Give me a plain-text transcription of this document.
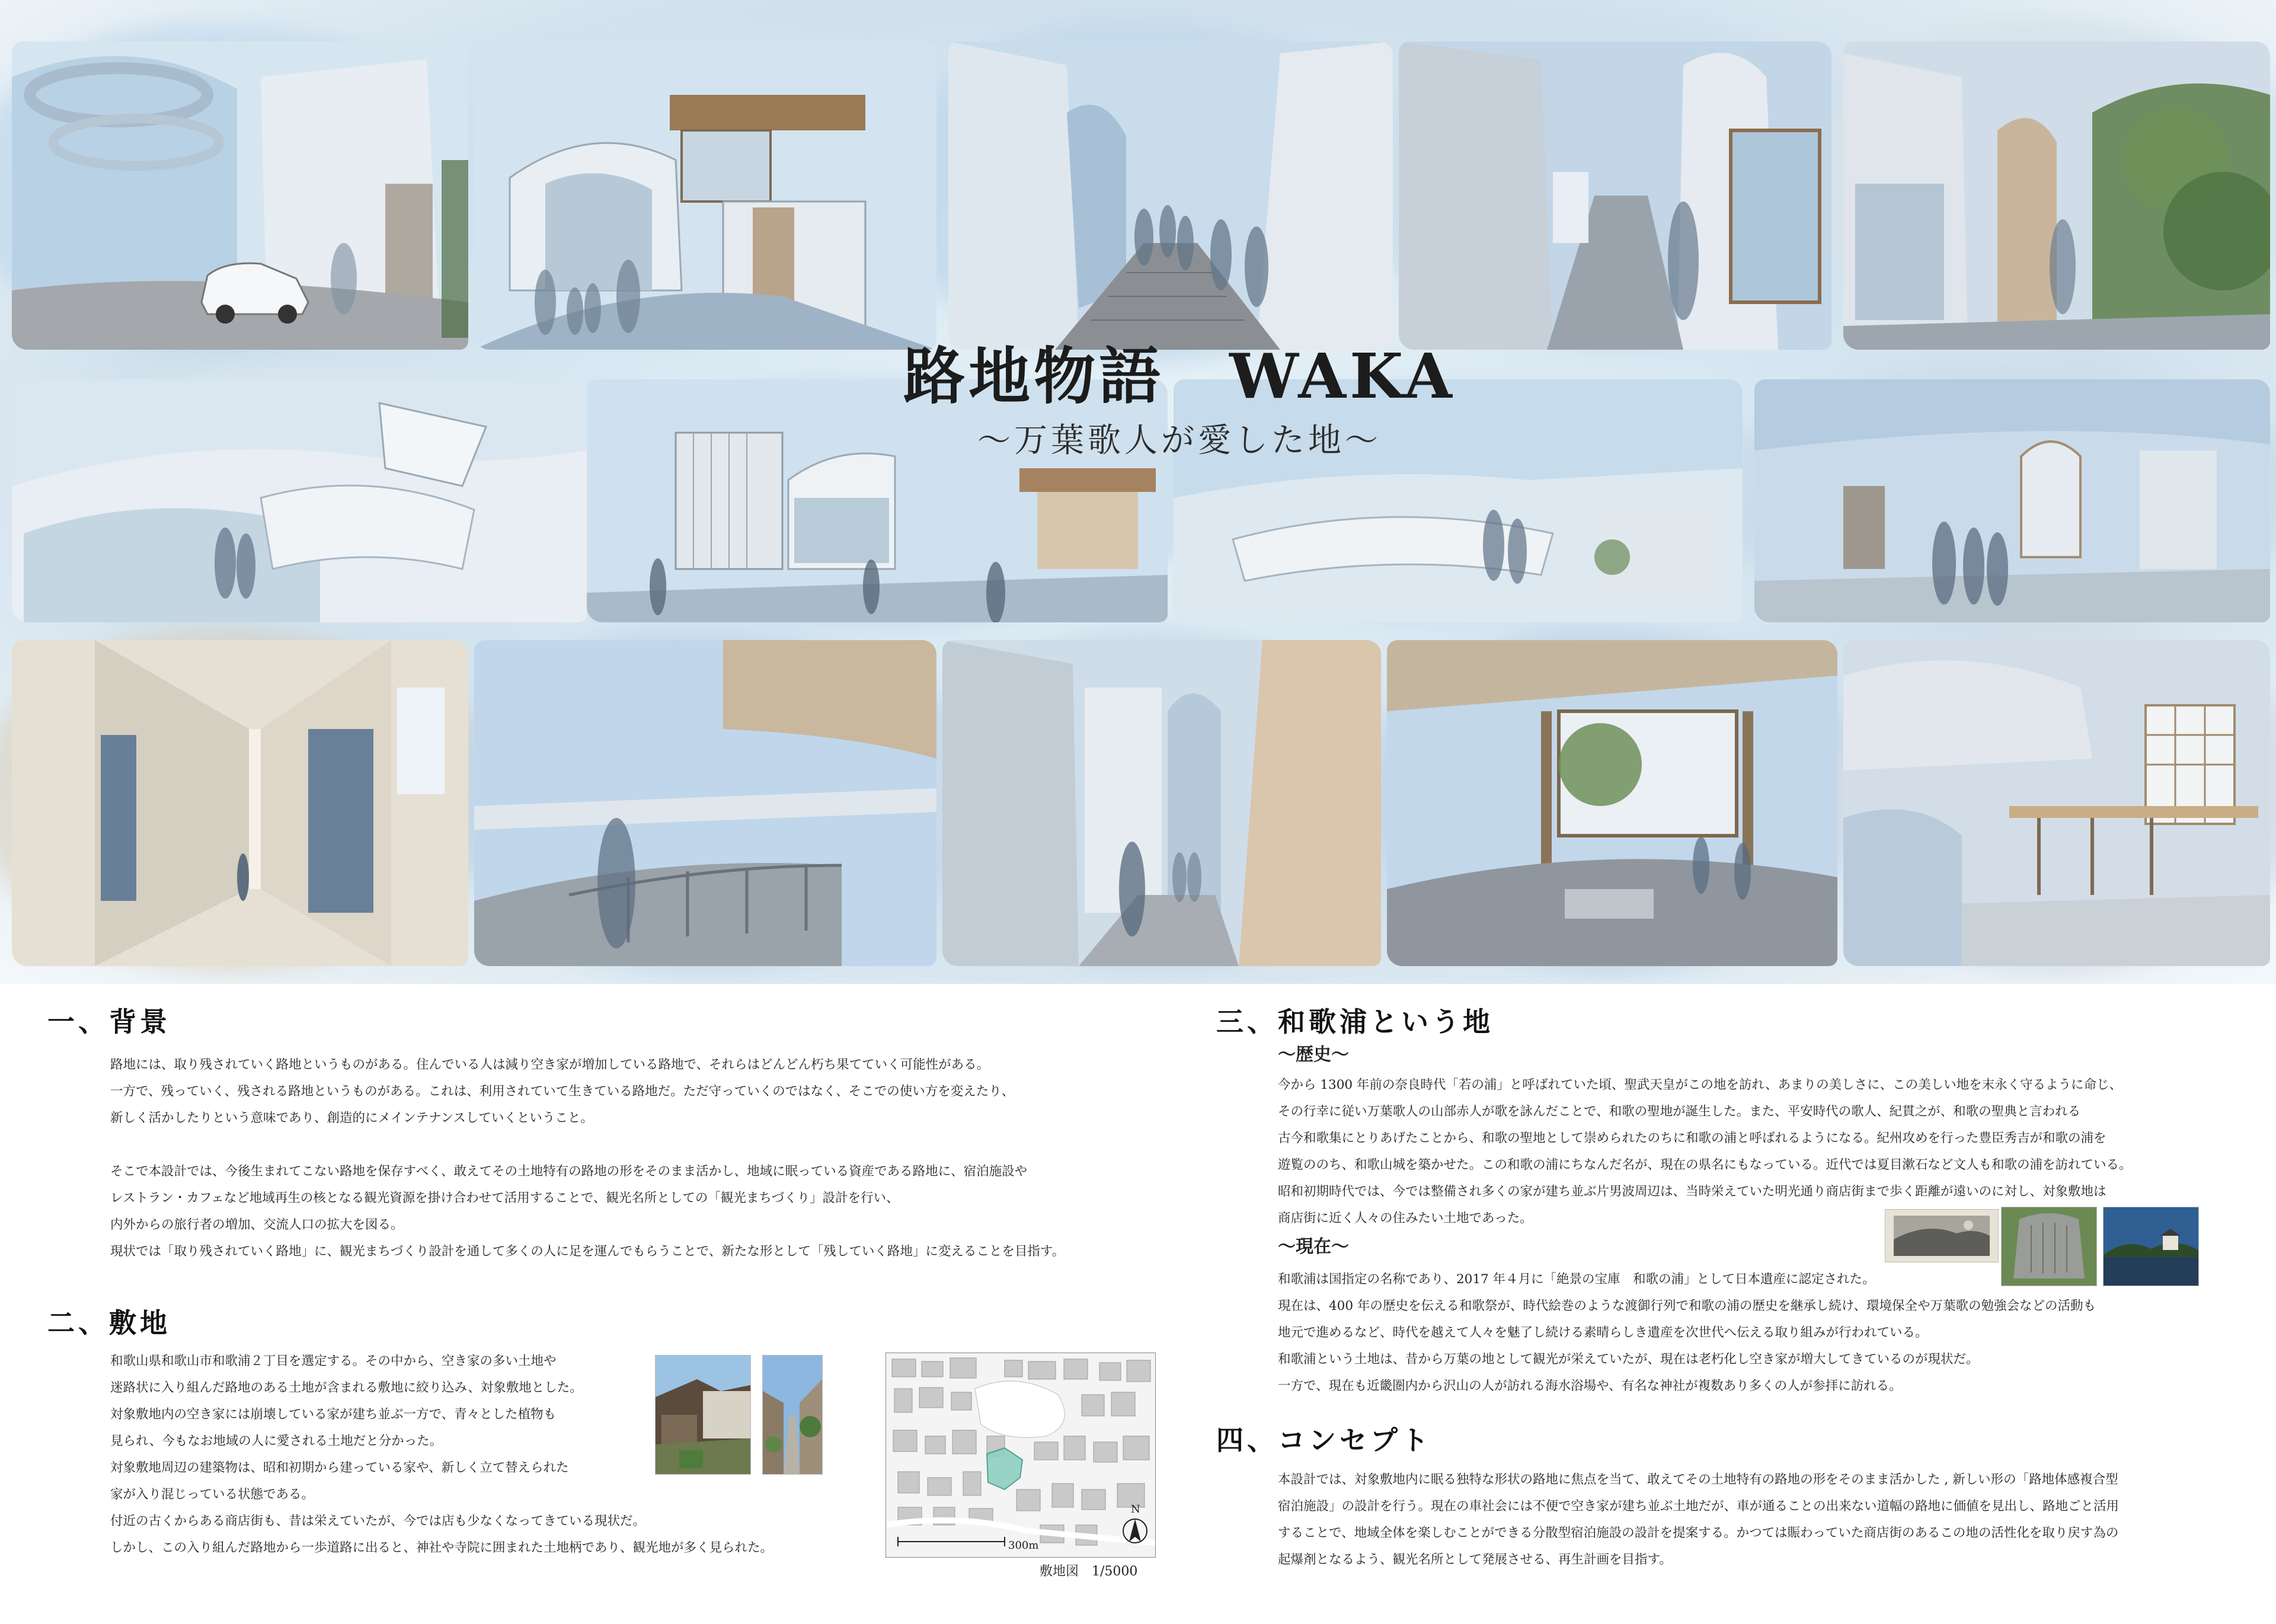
路地物語　WAKA
～万葉歌人が愛した地～
一、背景
路地には、取り残されていく路地というものがある。住んでいる人は減り空き家が増加している路地で、それらはどんどん朽ち果てていく可能性がある。
一方で、残っていく、残される路地というものがある。これは、利用されていて生きている路地だ。ただ守っていくのではなく、そこでの使い方を変えたり、
新しく活かしたりという意味であり、創造的にメインテナンスしていくということ。
そこで本設計では、今後生まれてこない路地を保存すべく、敢えてその土地特有の路地の形をそのまま活かし、地域に眠っている資産である路地に、宿泊施設や
レストラン・カフェなど地域再生の核となる観光資源を掛け合わせて活用することで、観光名所としての「観光まちづくり」設計を行い、
内外からの旅行者の増加、交流人口の拡大を図る。
現状では「取り残されていく路地」に、観光まちづくり設計を通して多くの人に足を運んでもらうことで、新たな形として「残していく路地」に変えることを目指す。
二、敷地
和歌山県和歌山市和歌浦２丁目を選定する。その中から、空き家の多い土地や
迷路状に入り組んだ路地のある土地が含まれる敷地に絞り込み、対象敷地とした。
対象敷地内の空き家には崩壊している家が建ち並ぶ一方で、青々とした植物も
見られ、今もなお地域の人に愛される土地だと分かった。
対象敷地周辺の建築物は、昭和初期から建っている家や、新しく立て替えられた
家が入り混じっている状態である。
付近の古くからある商店街も、昔は栄えていたが、今では店も少なくなってきている現状だ。
しかし、この入り組んだ路地から一歩道路に出ると、神社や寺院に囲まれた土地柄であり、観光地が多く見られた。	300m
N
敷地図　1/5000
三、和歌浦という地
～歴史～
今から 1300 年前の奈良時代「若の浦」と呼ばれていた頃、聖武天皇がこの地を訪れ、あまりの美しさに、この美しい地を末永く守るように命じ、
その行幸に従い万葉歌人の山部赤人が歌を詠んだことで、和歌の聖地が誕生した。また、平安時代の歌人、紀貫之が、和歌の聖典と言われる
古今和歌集にとりあげたことから、和歌の聖地として崇められたのちに和歌の浦と呼ばれるようになる。紀州攻めを行った豊臣秀吉が和歌の浦を
遊覧ののち、和歌山城を築かせた。この和歌の浦にちなんだ名が、現在の県名にもなっている。近代では夏目漱石など文人も和歌の浦を訪れている。
昭和初期時代では、今では整備され多くの家が建ち並ぶ片男波周辺は、当時栄えていた明光通り商店街まで歩く距離が遠いのに対し、対象敷地は
商店街に近く人々の住みたい土地であった。
～現在～
和歌浦は国指定の名称であり、2017 年４月に「絶景の宝庫　和歌の浦」として日本遺産に認定された。
現在は、400 年の歴史を伝える和歌祭が、時代絵巻のような渡御行列で和歌の浦の歴史を継承し続け、環境保全や万葉歌の勉強会などの活動も
地元で進めるなど、時代を越えて人々を魅了し続ける素晴らしき遺産を次世代へ伝える取り組みが行われている。
和歌浦という土地は、昔から万葉の地として観光が栄えていたが、現在は老朽化し空き家が増大してきているのが現状だ。
一方で、現在も近畿圏内から沢山の人が訪れる海水浴場や、有名な神社が複数あり多くの人が参拝に訪れる。
四、コンセプト
本設計では、対象敷地内に眠る独特な形状の路地に焦点を当て、敢えてその土地特有の路地の形をそのまま活かした , 新しい形の「路地体感複合型
宿泊施設」の設計を行う。現在の車社会には不便で空き家が建ち並ぶ土地だが、車が通ることの出来ない道幅の路地に価値を見出し、路地ごと活用
することで、地域全体を楽しむことができる分散型宿泊施設の設計を提案する。かつては賑わっていた商店街のあるこの地の活性化を取り戻す為の
起爆剤となるよう、観光名所として発展させる、再生計画を目指す。
